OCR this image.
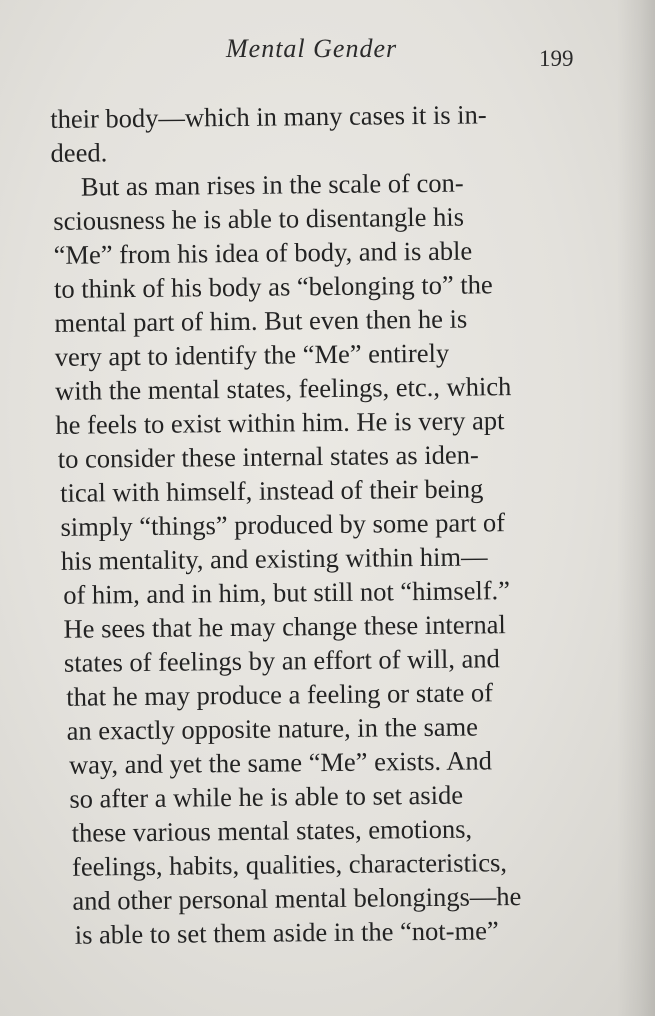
Mental Gender	199
their body—which in many cases it is in-
deed.
But as man rises in the scale of con-
sciousness he is able to disentangle his
“Me” from his idea of body, and is able
to think of his body as “belonging to” the
mental part of him. But even then he is
very apt to identify the “Me” entirely
with the mental states, feelings, etc., which
he feels to exist within him. He is very apt
to consider these internal states as iden-
tical with himself, instead of their being
simply “things” produced by some part of
his mentality, and existing within him—
of him, and in him, but still not “himself.”
He sees that he may change these internal
states of feelings by an effort of will, and
that he may produce a feeling or state of
an exactly opposite nature, in the same
way, and yet the same “Me” exists. And
so after a while he is able to set aside
these various mental states, emotions,
feelings, habits, qualities, characteristics,
and other personal mental belongings—he
is able to set them aside in the “not-me”
